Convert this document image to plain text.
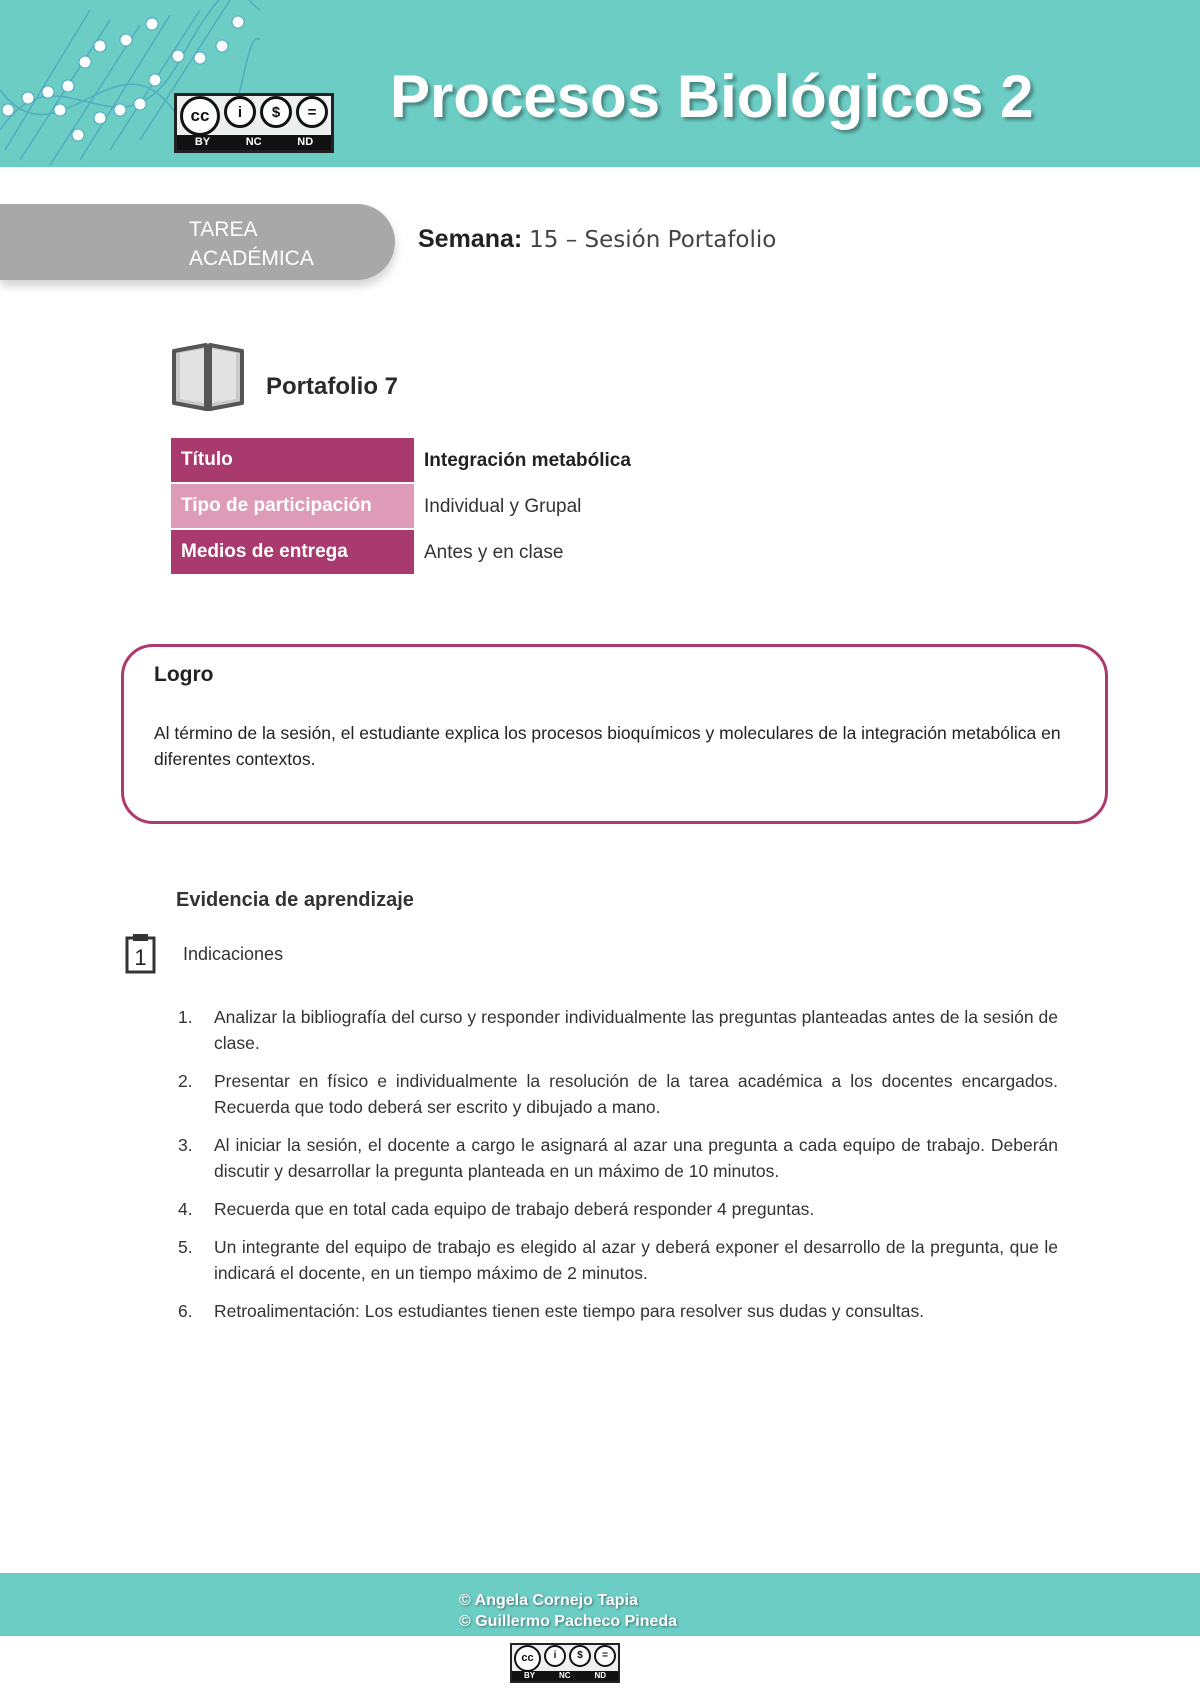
cc	i	$	=
BY	NC	ND
Procesos Biológicos 2
TAREA
ACADÉMICA
Semana: 15 – Sesión Portafolio
Portafolio 7
Título	Integración metabólica
Tipo de participación	Individual y Grupal
Medios de entrega	Antes y en clase
Logro
Al término de la sesión, el estudiante explica los procesos bioquímicos y moleculares de la integración metabólica en diferentes contextos.
Evidencia de aprendizaje
1 Indicaciones
1. Analizar la bibliografía del curso y responder individualmente las preguntas planteadas antes de la sesión de clase.
2. Presentar en físico e individualmente la resolución de la tarea académica a los docentes encargados. Recuerda que todo deberá ser escrito y dibujado a mano.
3. Al iniciar la sesión, el docente a cargo le asignará al azar una pregunta a cada equipo de trabajo. Deberán discutir y desarrollar la pregunta planteada en un máximo de 10 minutos.
4. Recuerda que en total cada equipo de trabajo deberá responder 4 preguntas.
5. Un integrante del equipo de trabajo es elegido al azar y deberá exponer el desarrollo de la pregunta, que le indicará el docente, en un tiempo máximo de 2 minutos.
6. Retroalimentación: Los estudiantes tienen este tiempo para resolver sus dudas y consultas.
© Angela Cornejo Tapia
© Guillermo Pacheco Pineda
cc	i	$	=
BY	NC	ND
